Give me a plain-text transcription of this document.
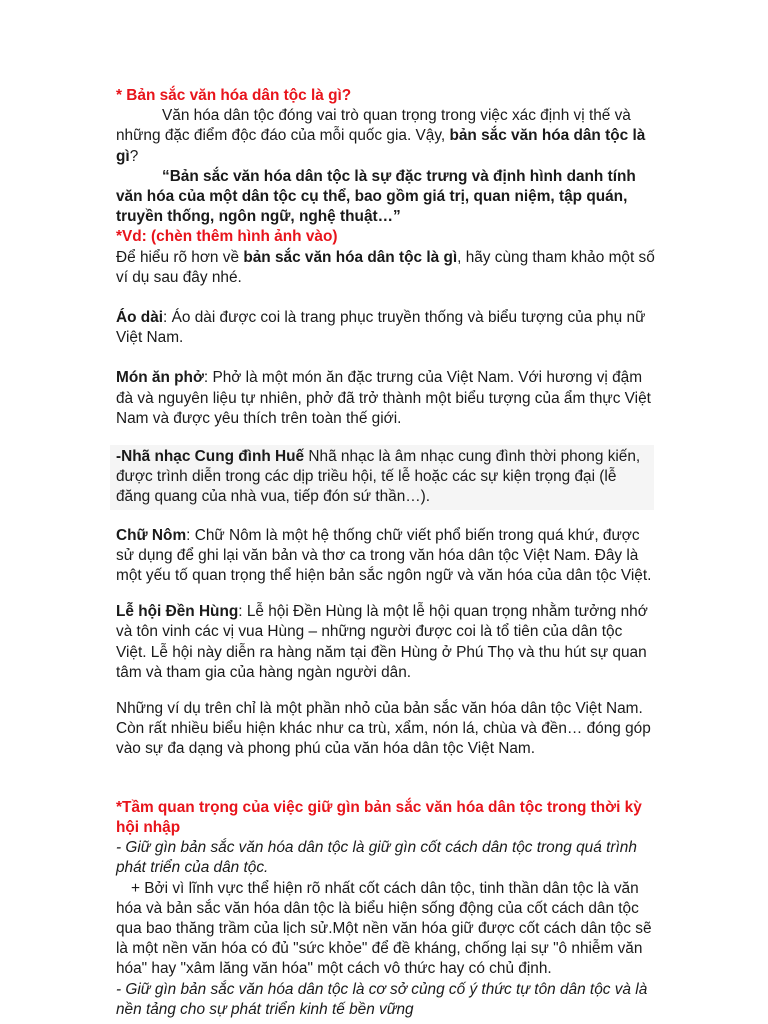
* Bản sắc văn hóa dân tộc là gì?

Văn hóa dân tộc đóng vai trò quan trọng trong việc xác định vị thế và những đặc điểm độc đáo của mỗi quốc gia. Vậy, bản sắc văn hóa dân tộc là gì?

“Bản sắc văn hóa dân tộc là sự đặc trưng và định hình danh tính văn hóa của một dân tộc cụ thể, bao gồm giá trị, quan niệm, tập quán, truyền thống, ngôn ngữ, nghệ thuật…”

*Vd: (chèn thêm hình ảnh vào)

Để hiểu rõ hơn về bản sắc văn hóa dân tộc là gì, hãy cùng tham khảo một số ví dụ sau đây nhé.

Áo dài: Áo dài được coi là trang phục truyền thống và biểu tượng của phụ nữ Việt Nam.

Món ăn phở: Phở là một món ăn đặc trưng của Việt Nam. Với hương vị đậm đà và nguyên liệu tự nhiên, phở đã trở thành một biểu tượng của ẩm thực Việt Nam và được yêu thích trên toàn thế giới.

-Nhã nhạc Cung đình Huế Nhã nhạc là âm nhạc cung đình thời phong kiến, được trình diễn trong các dịp triều hội, tế lễ hoặc các sự kiện trọng đại (lễ đăng quang của nhà vua, tiếp đón sứ thần…).

Chữ Nôm: Chữ Nôm là một hệ thống chữ viết phổ biến trong quá khứ, được sử dụng để ghi lại văn bản và thơ ca trong văn hóa dân tộc Việt Nam. Đây là một yếu tố quan trọng thể hiện bản sắc ngôn ngữ và văn hóa của dân tộc Việt.

Lễ hội Đền Hùng: Lễ hội Đền Hùng là một lễ hội quan trọng nhằm tưởng nhớ và tôn vinh các vị vua Hùng – những người được coi là tổ tiên của dân tộc Việt. Lễ hội này diễn ra hàng năm tại đền Hùng ở Phú Thọ và thu hút sự quan tâm và tham gia của hàng ngàn người dân.

Những ví dụ trên chỉ là một phần nhỏ của bản sắc văn hóa dân tộc Việt Nam. Còn rất nhiều biểu hiện khác như ca trù, xẩm, nón lá, chùa và đền… đóng góp vào sự đa dạng và phong phú của văn hóa dân tộc Việt Nam.

*Tầm quan trọng của việc giữ gìn bản sắc văn hóa dân tộc trong thời kỳ hội nhập

- Giữ gìn bản sắc văn hóa dân tộc là giữ gìn cốt cách dân tộc trong quá trình phát triển của dân tộc.

+ Bởi vì lĩnh vực thể hiện rõ nhất cốt cách dân tộc, tinh thần dân tộc là văn hóa và bản sắc văn hóa dân tộc là biểu hiện sống động của cốt cách dân tộc qua bao thăng trầm của lịch sử.Một nền văn hóa giữ được cốt cách dân tộc sẽ là một nền văn hóa có đủ "sức khỏe" để đề kháng, chống lại sự "ô nhiễm văn hóa" hay "xâm lăng văn hóa" một cách vô thức hay có chủ định.

- Giữ gìn bản sắc văn hóa dân tộc là cơ sở củng cố ý thức tự tôn dân tộc và là nền tảng cho sự phát triển kinh tế bền vững
